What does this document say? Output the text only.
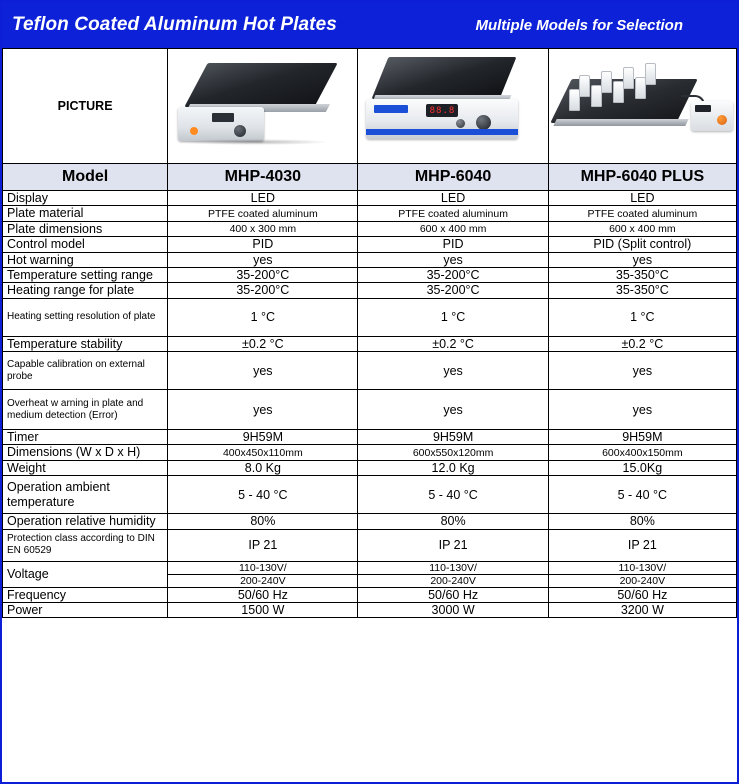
Teflon Coated Aluminum Hot Plates	Multiple Models for Selection
PICTURE		88.8	

Model	MHP-4030	MHP-6040	MHP-6040 PLUS
Display	LED	LED	LED
Plate material	PTFE coated aluminum	PTFE coated aluminum	PTFE coated aluminum
Plate dimensions	400 x 300 mm	600 x 400 mm	600 x 400 mm
Control model	PID	PID	PID (Split control)
Hot warning	yes	yes	yes
Temperature setting range	35-200°C	35-200°C	35-350°C
Heating range for plate	35-200°C	35-200°C	35-350°C
Heating setting resolution of plate	1 °C	1 °C	1 °C
Temperature stability	±0.2 °C	±0.2 °C	±0.2 °C
Capable calibration on external probe	yes	yes	yes
Overheat w arning in plate and medium detection (Error)	yes	yes	yes
Timer	9H59M	9H59M	9H59M
Dimensions (W x D x H)	400x450x110mm	600x550x120mm	600x400x150mm
Weight	8.0 Kg	12.0 Kg	15.0Kg
Operation ambient temperature	5 - 40 °C	5 - 40 °C	5 - 40 °C
Operation relative humidity	80%	80%	80%
Protection class according to DIN EN 60529	IP 21	IP 21	IP 21
Voltage	110-130V/	110-130V/	110-130V/
	200-240V	200-240V	200-240V
Frequency	50/60 Hz	50/60 Hz	50/60 Hz
Power	1500 W	3000 W	3200 W
